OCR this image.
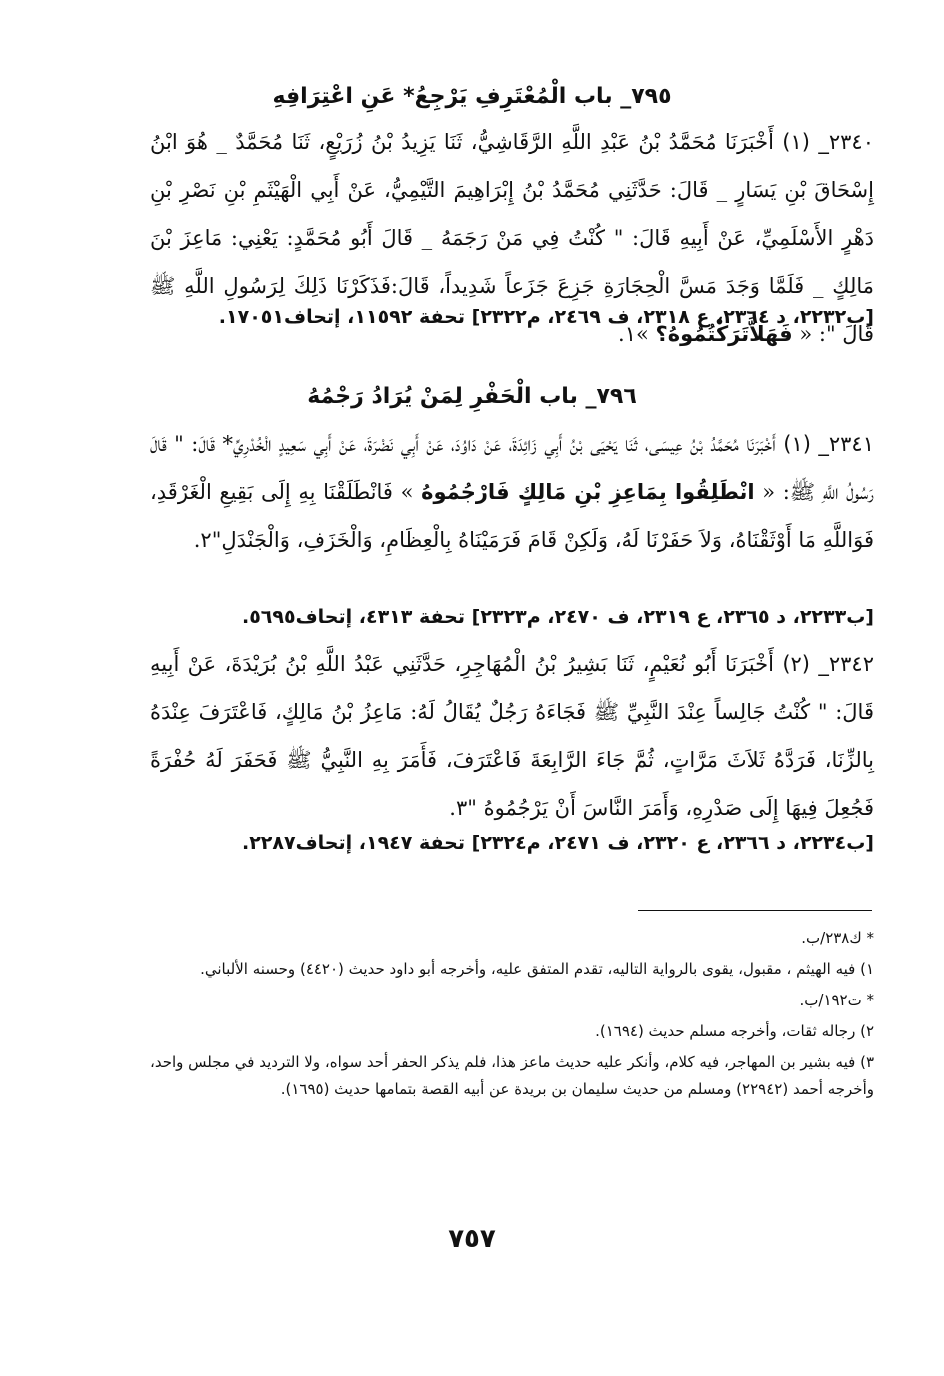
٧٩٥_ باب الْمُعْتَرِفِ يَرْجِعُ* عَنِ اعْتِرَافِهِ
٢٣٤٠_ (١) أَخْبَرَنَا مُحَمَّدُ بْنُ عَبْدِ اللَّهِ الرَّقَاشِيُّ، ثَنَا يَزِيدُ بْنُ زُرَيْعٍ، ثَنَا مُحَمَّدٌ _ هُوَ ابْنُ إِسْحَاقَ بْنِ يَسَارٍ _ قَالَ: حَدَّثَنِي مُحَمَّدُ بْنُ إِبْرَاهِيمَ التَّيْمِيُّ، عَنْ أَبِي الْهَيْثَمِ بْنِ نَصْرِ بْنِ دَهْرٍ الأَسْلَمِيِّ، عَنْ أَبِيهِ قَالَ: " كُنْتُ فِي مَنْ رَجَمَهُ _ قَالَ أَبُو مُحَمَّدٍ: يَعْنِي: مَاعِزَ بْنَ مَالِكٍ _ فَلَمَّا وَجَدَ مَسَّ الْحِجَارَةِ جَزِعَ جَزَعاً شَدِيداً، قَالَ:فَذَكَرْنَا ذَلِكَ لِرَسُولِ اللَّهِ ﷺ قَالَ ": « فَهَلاَّتَرَكْتُمُوهُ؟ »١.
[ب٢٢٣٢، د ٢٣٦٤، ع ٢٣١٨، ف ٢٤٦٩، م٢٣٢٢] تحفة ١١٥٩٢، إتحاف١٧٠٥١.
٧٩٦_ باب الْحَفْرِ لِمَنْ يُرَادُ رَجْمُهُ
٢٣٤١_ (١) أَخْبَرَنَا مُحَمَّدُ بْنُ عِيسَى، ثَنَا يَحْيَى بْنُ أَبِي زَائِدَةَ، عَنْ دَاوُدَ، عَنْ أَبِي نَضْرَةَ، عَنْ أَبِي سَعِيدٍ الْخُدْرِيِّ* قَالَ: " قَالَ رَسُولُ اللَّهِ ﷺ: « انْطَلِقُوا بِمَاعِزِ بْنِ مَالِكٍ فَارْجُمُوهُ » فَانْطَلَقْنَا بِهِ إِلَى بَقِيعِ الْغَرْقَدِ، فَوَاللَّهِ مَا أَوْثَقْنَاهُ، وَلاَ حَفَرْنَا لَهُ، وَلَكِنْ قَامَ فَرَمَيْنَاهُ بِالْعِظَامِ، وَالْخَزَفِ، وَالْجَنْدَلِ"٢.
[ب٢٢٣٣، د ٢٣٦٥، ع ٢٣١٩، ف ٢٤٧٠، م٢٣٢٣] تحفة ٤٣١٣، إتحاف٥٦٩٥.
٢٣٤٢_ (٢) أَخْبَرَنَا أَبُو نُعَيْمٍ، ثَنَا بَشِيرُ بْنُ الْمُهَاجِرِ، حَدَّثَنِي عَبْدُ اللَّهِ بْنُ بُرَيْدَةَ، عَنْ أَبِيهِ قَالَ: " كُنْتُ جَالِساً عِنْدَ النَّبِيِّ ﷺ فَجَاءَهُ رَجُلٌ يُقَالُ لَهُ: مَاعِزُ بْنُ مَالِكٍ، فَاعْتَرَفَ عِنْدَهُ بِالزِّنَا، فَرَدَّهُ ثَلاَثَ مَرَّاتٍ، ثُمَّ جَاءَ الرَّابِعَةَ فَاعْتَرَفَ، فَأَمَرَ بِهِ النَّبِيُّ ﷺ فَحَفَرَ لَهُ حُفْرَةً فَجُعِلَ فِيهَا إِلَى صَدْرِهِ، وَأَمَرَ النَّاسَ أَنْ يَرْجُمُوهُ "٣.
[ب٢٢٣٤، د ٢٣٦٦، ع ٢٣٢٠، ف ٢٤٧١، م٢٣٢٤] تحفة ١٩٤٧، إتحاف٢٢٨٧.

* ك٢٣٨/ب.

١) فيه الهيثم ، مقبول، يقوى بالرواية التاليه، تقدم المتفق عليه، وأخرجه أبو داود حديث (٤٤٢٠) وحسنه الألباني.

* ت١٩٢/ب.

٢) رجاله ثقات، وأخرجه مسلم حديث (١٦٩٤).

٣) فيه بشير بن المهاجر، فيه كلام، وأنكر عليه حديث ماعز هذا، فلم يذكر الحفر أحد سواه، ولا الترديد في مجلس واحد، وأخرجه أحمد (٢٢٩٤٢) ومسلم من حديث سليمان بن بريدة عن أبيه القصة بتمامها حديث (١٦٩٥).

٧٥٧
